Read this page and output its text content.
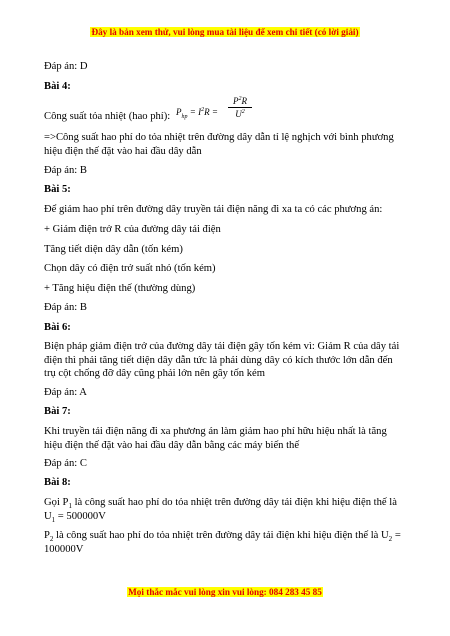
Đây là bản xem thử, vui lòng mua tài liệu để xem chi tiết (có lời giải)
Đáp án: D
Bài 4:
Công suất tỏa nhiệt (hao phí): $P_{hp} = I^2R = \frac{P^2R}{U^2}$
=>Công suất hao phí do tỏa nhiệt trên đường dây dẫn tỉ lệ nghịch với bình phương hiệu điện thế đặt vào hai đầu dây dẫn
Đáp án: B
Bài 5:
Để giảm hao phí trên đường dây truyền tải điện năng đi xa ta có các phương án:
+ Giảm điện trở R của đường dây tải điện
Tăng tiết diện dây dẫn (tốn kém)
Chọn dây có điện trở suất nhỏ (tốn kém)
+ Tăng hiệu điện thế (thường dùng)
Đáp án: B
Bài 6:
Biện pháp giảm điện trở của đường dây tải điện gây tốn kém vì: Giảm R của dây tải điện thì phải tăng tiết diện dây dẫn tức là phải dùng dây có kích thước lớn dẫn đến trụ cột chống đỡ dây cũng phải lớn nên gây tốn kém
Đáp án: A
Bài 7:
Khi truyền tải điện năng đi xa phương án làm giảm hao phí hữu hiệu nhất là tăng hiệu điện thế đặt vào hai đầu dây dẫn bằng các máy biến thế
Đáp án: C
Bài 8:
Gọi $P_1$ là công suất hao phí do tỏa nhiệt trên đường dây tải điện khi hiệu điện thế là $U_1 = 500000V$
$P_2$ là công suất hao phí do tỏa nhiệt trên đường dây tải điện khi hiệu điện thế là $U_2 = 100000V$
Mọi thắc mắc vui lòng xin vui lòng: 084 283 45 85
